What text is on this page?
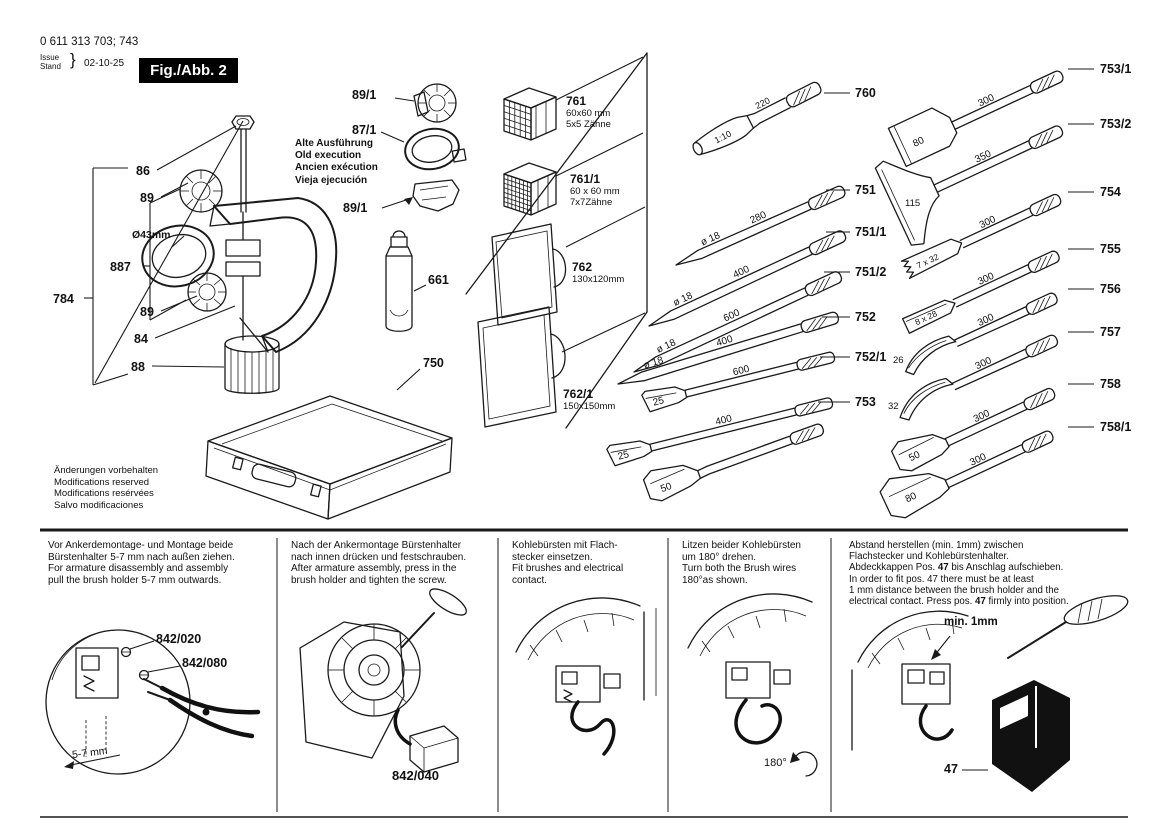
1:10
220
ø 18
280
ø 18
400
ø 18
600
ø 18
400
25
600
25
400
50
80
300
350
7 x 32
300
8 x 28
300
300
300
50
300
80
300
0 611 313 703; 743
Issue
Stand } 02-10-25	Fig./Abb. 2
86
89
Ø43mm
887
784
89
84
88
89/1
87/1
89/1
Alte Ausführung
Old execution
Ancien exécution
Vieja ejecución
761
60x60 mm
5x5 Zähne
761/1
60 x 60 mm
7x7Zähne
762
130x120mm
762/1
150x150mm
661
750
760
751
751/1
751/2
752
752/1
753
753/1
753/2
754
755
756
757
758
758/1
115
26
32
Änderungen vorbehalten
Modifications reserved
Modifications resérvées
Salvo modificaciones
Vor Ankerdemontage- und Montage beide
Bürstenhalter 5-7 mm nach außen ziehen.
For armature disassembly and assembly
pull the brush holder 5-7 mm outwards.
842/020
842/080
5-7 mm
Nach der Ankermontage Bürstenhalter
nach innen drücken und festschrauben.
After armature assembly, press in the
brush holder and tighten the screw.
842/040
Kohlebürsten mit Flach-
stecker einsetzen.
Fit brushes and electrical
contact.
Litzen beider Kohlebürsten
um 180° drehen.
Turn both the Brush wires
180°as shown.
180°
Abstand herstellen (min. 1mm) zwischen
Flachstecker und Kohlebürstenhalter.
Abdeckkappen Pos. 47 bis Anschlag aufschieben.
In order to fit pos. 47 there must be at least
1 mm distance between the brush holder and the
electrical contact. Press pos. 47 firmly into position.
min. 1mm
47
